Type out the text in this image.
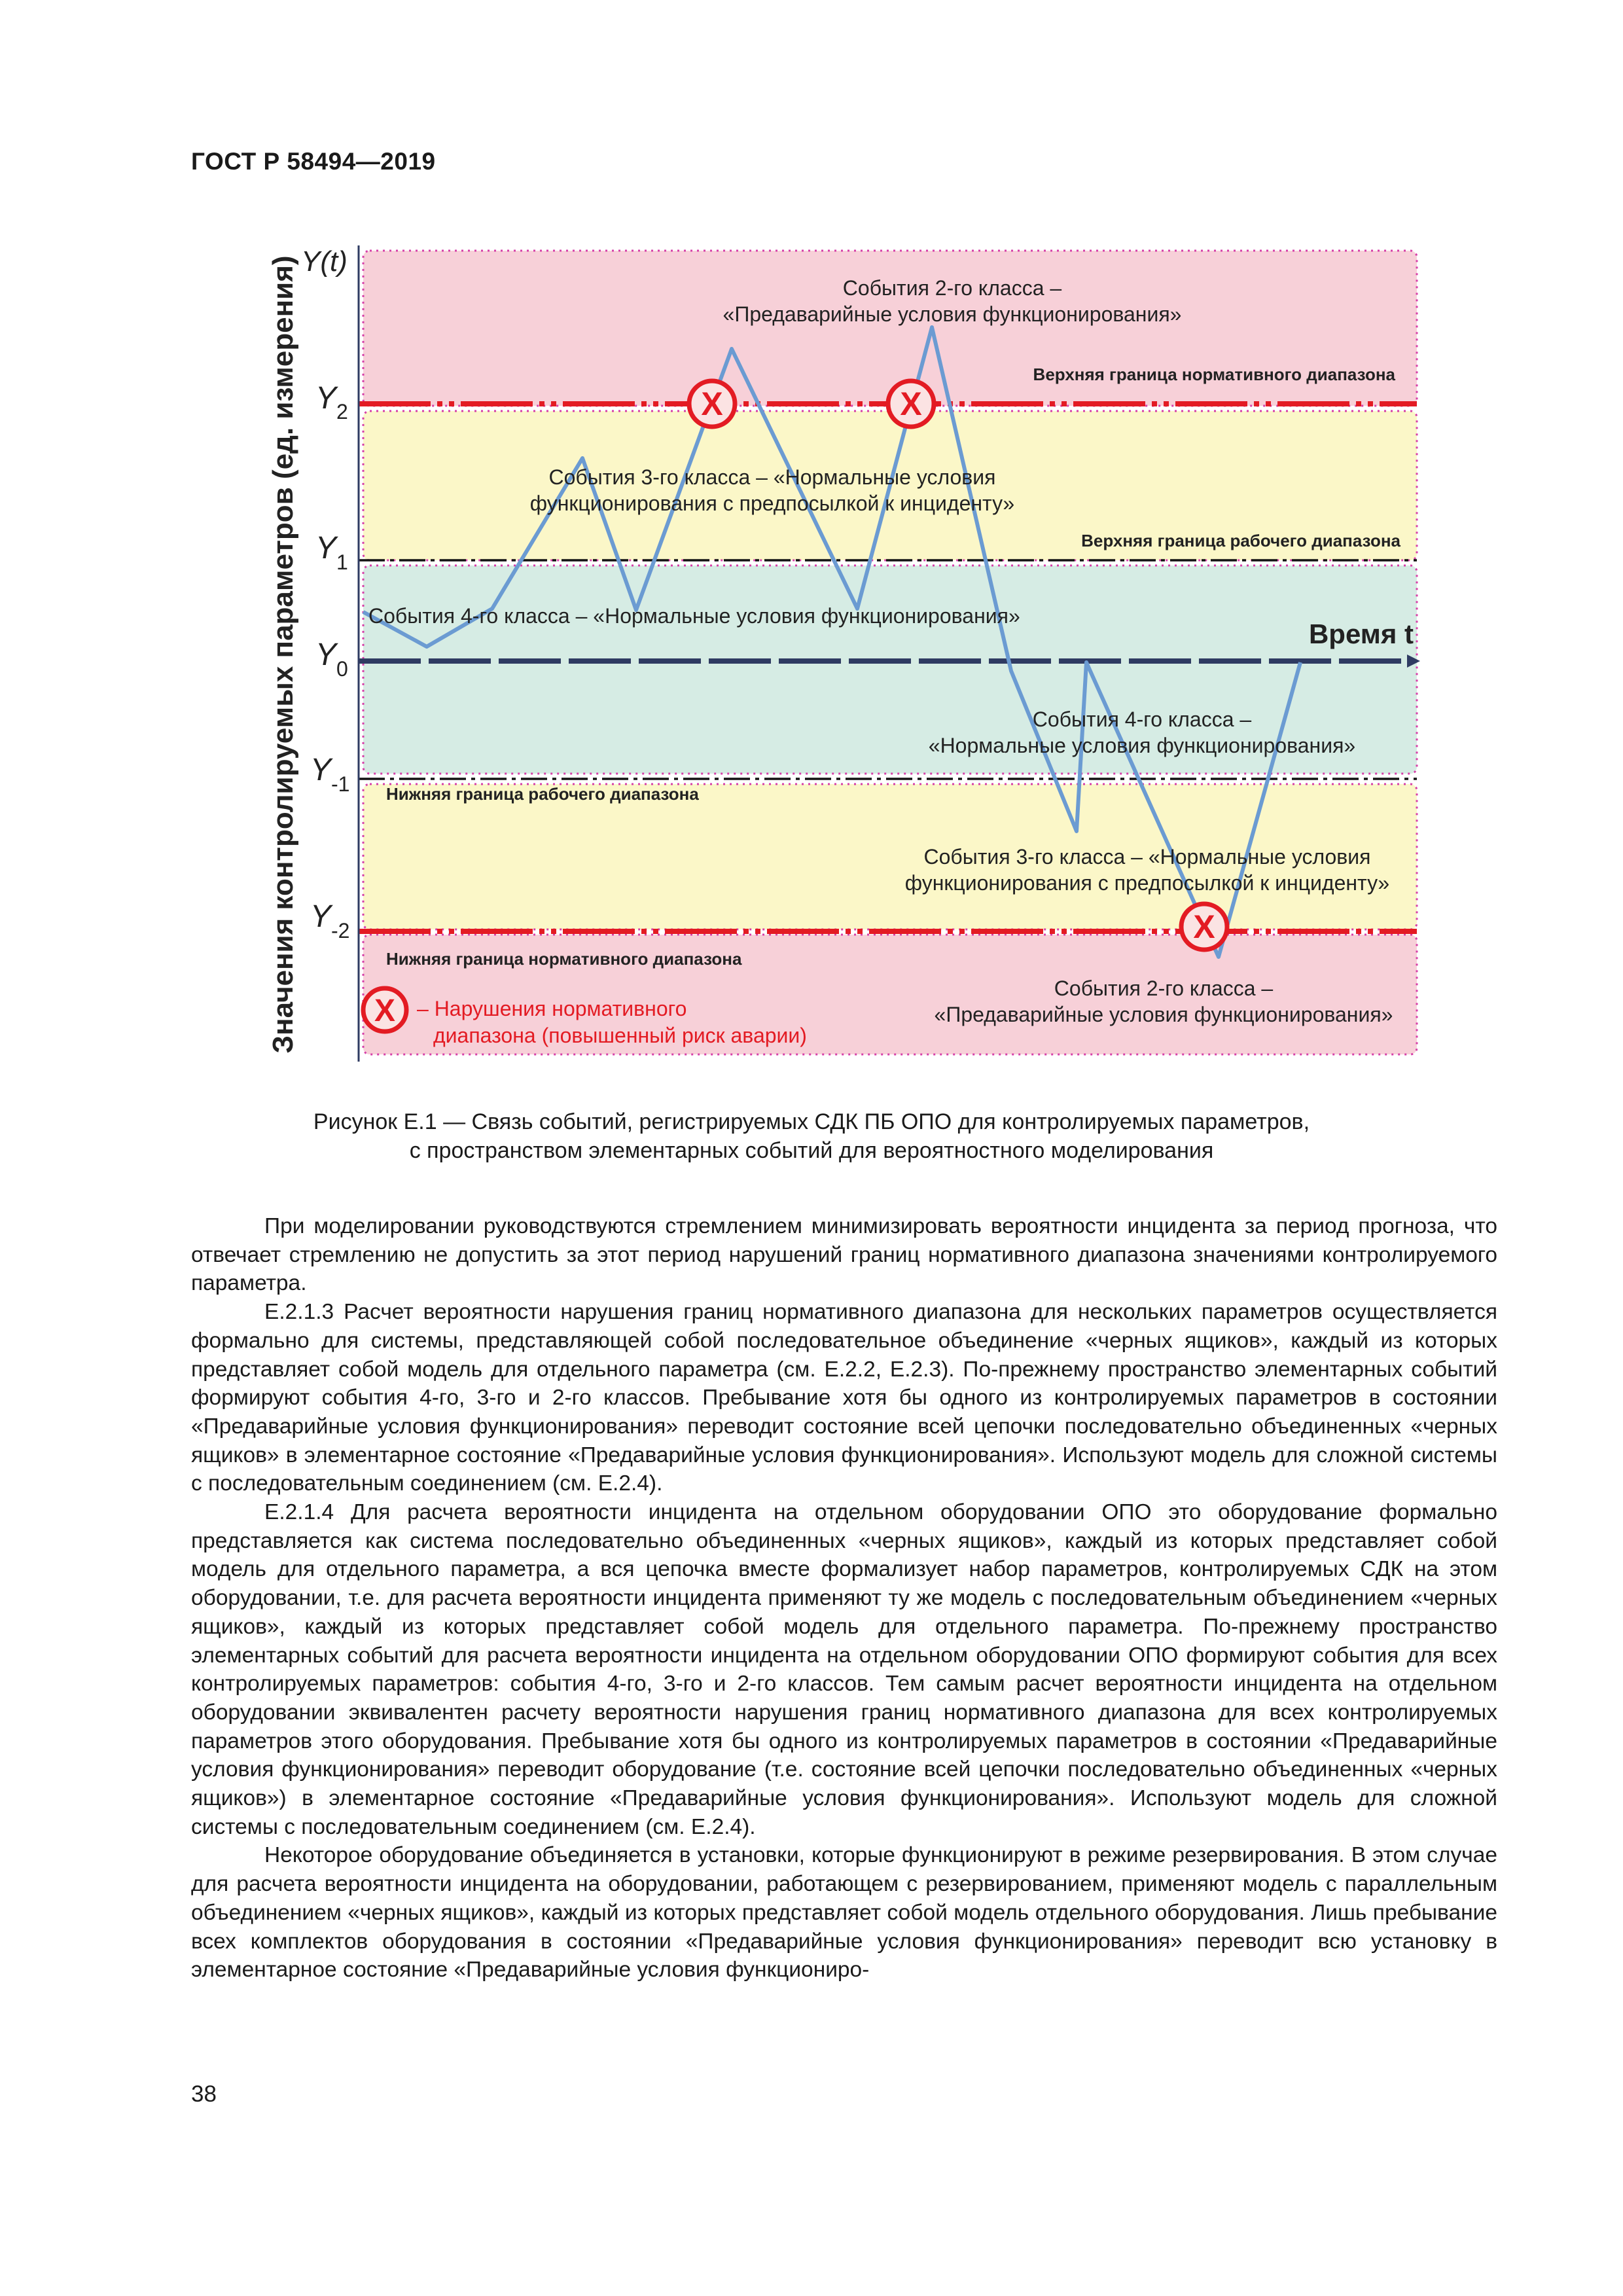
ГОСТ Р 58494—2019
X	X
X
Значения контролируемых параметров (ед. измерения) Y(t)
Y 2
Y 1
Y 0
Y -1
Y -2
Время t
События 2-го класса –
«Предаварийные условия функционирования»
Верхняя граница нормативного диапазона
События 3-го класса – «Нормальные условия
функционирования с предпосылкой к инциденту»
Верхняя граница рабочего диапазона
События 4-го класса – «Нормальные условия функционирования»
События 4-го класса –
«Нормальные условия функционирования»
Нижняя граница рабочего диапазона
События 3-го класса – «Нормальные условия
функционирования с предпосылкой к инциденту»
Нижняя граница нормативного диапазона
События 2-го класса –
«Предаварийные условия функционирования»
X – Нарушения нормативного
диапазона (повышенный риск аварии)
Рисунок Е.1 — Связь событий, регистрируемых СДК ПБ ОПО для контролируемых параметров,
с пространством элементарных событий для вероятностного моделирования

При моделировании руководствуются стремлением минимизировать вероятности инцидента за период прогноза, что отвечает стремлению не допустить за этот период нарушений границ нормативного диапазона значениями контролируемого параметра.

Е.2.1.3 Расчет вероятности нарушения границ нормативного диапазона для нескольких параметров осуществляется формально для системы, представляющей собой последовательное объединение «черных ящиков», каждый из которых представляет собой модель для отдельного параметра (см. Е.2.2, Е.2.3). По-прежнему пространство элементарных событий формируют события 4-го, 3-го и 2-го классов. Пребывание хотя бы одного из контролируемых параметров в состоянии «Предаварийные условия функционирования» переводит состояние всей цепочки последовательно объединенных «черных ящиков» в элементарное состояние «Предаварийные условия функционирования». Используют модель для сложной системы с последовательным соединением (см. Е.2.4).

Е.2.1.4 Для расчета вероятности инцидента на отдельном оборудовании ОПО это оборудование формально представляется как система последовательно объединенных «черных ящиков», каждый из которых представляет собой модель для отдельного параметра, а вся цепочка вместе формализует набор параметров, контролируемых СДК на этом оборудовании, т.е. для расчета вероятности инцидента применяют ту же модель с последовательным объединением «черных ящиков», каждый из которых представляет собой модель для отдельного параметра. По-прежнему пространство элементарных событий для расчета вероятности инцидента на отдельном оборудовании ОПО формируют события для всех контролируемых параметров: события 4-го, 3-го и 2-го классов. Тем самым расчет вероятности инцидента на отдельном оборудовании эквивалентен расчету вероятности нарушения границ нормативного диапазона для всех контролируемых параметров этого оборудования. Пребывание хотя бы одного из контролируемых параметров в состоянии «Предаварийные условия функционирования» переводит оборудование (т.е. состояние всей цепочки последовательно объединенных «черных ящиков») в элементарное состояние «Предаварийные условия функционирования». Используют модель для сложной системы с последовательным соединением (см. Е.2.4).

Некоторое оборудование объединяется в установки, которые функционируют в режиме резервирования. В этом случае для расчета вероятности инцидента на оборудовании, работающем с резервированием, применяют модель с параллельным объединением «черных ящиков», каждый из которых представляет собой модель отдельного оборудования. Лишь пребывание всех комплектов оборудования в состоянии «Предаварийные условия функционирования» переводит всю установку в элементарное состояние «Предаварийные условия функциониро-

38
